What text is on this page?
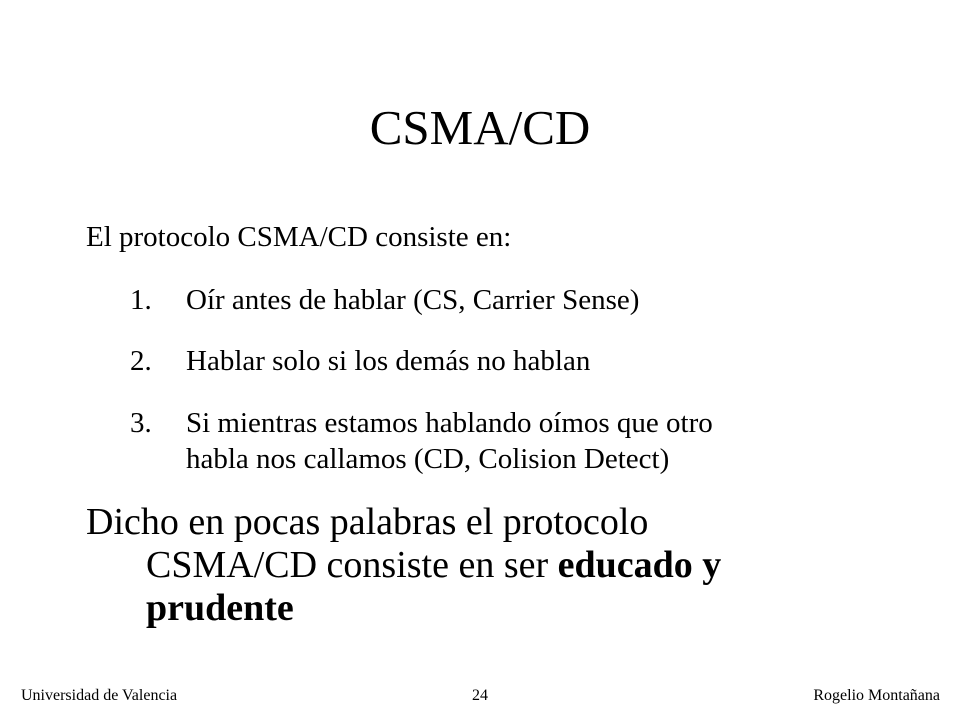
CSMA/CD
El protocolo CSMA/CD consiste en:
1. Oír antes de hablar (CS, Carrier Sense)
2. Hablar solo si los demás no hablan
3. Si mientras estamos hablando oímos que otro
habla nos callamos (CD, Colision Detect)
Dicho en pocas palabras el protocolo
CSMA/CD consiste en ser educado y
prudente
Universidad de Valencia	24	Rogelio Montañana
